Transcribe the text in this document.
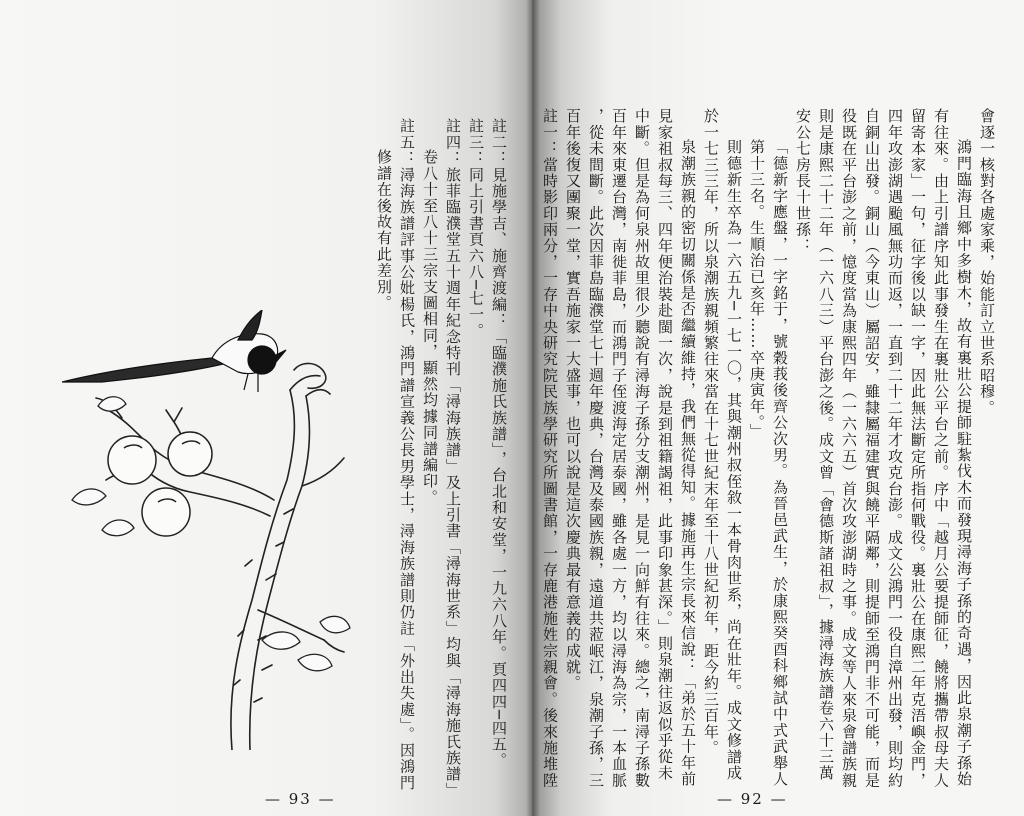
註二：見施學吉、施齊渡編：「臨濮施氏族譜」，台北和安堂，一九六八年。頁四四─四五。

註三：同上引書頁六八─七一。

註四：旅菲臨濮堂五十週年紀念特刊「潯海族譜」及上引書「潯海世系」均與「潯海施氏族譜」

卷八十至八十三宗支圖相同，顯然均據同譜編印。

註五：潯海族譜評事公妣楊氏，鴻門譜宣義公長男學士，潯海族譜則仍註「外出失處」。因鴻門

修譜在後故有此差別。

— 93 —

會逐一核對各處家乘，始能訂立世系昭穆。

鴻門臨海且鄉中多樹木，故有裏壯公提師駐紮伐木而發現潯海子孫的奇遇，因此泉潮子孫始

有往來。由上引譜序知此事發生在裏壯公平台之前。序中「越月公要提師征，饒將攜帶叔母夫人

留寄本家」一句，征字後以缺一字，因此無法斷定所指何戰役。裏壯公在康熙二年克浯嶼金門，

四年攻澎湖遇颱風無功而返，一直到二十二年才攻克台澎。成文公鴻門一役自漳州出發，則均約

自銅山出發。銅山（今東山）屬詔安，雖隸屬福建實與饒平隔鄰，則提師至鴻門非不可能，而是

役既在平台澎之前，憶度當為康熙四年（一六六五）首次攻澎湖時之事。成文等人來泉會譜族親

則是康熙二十二年（一六八三）平台澎之後。成文曾「會德斯諸祖叔」，據潯海族譜卷六十三萬

安公七房長十世孫：

「德新字應盤，一字銘于，號穀莪後齊公次男。為晉邑武生，於康熙癸酉科鄉試中式武舉人

第十三名。生順治已亥年……卒庚寅年。」

則德新生卒為一六五九─一七一〇，其與潮州叔侄敘一本骨肉世系，尚在壯年。成文修譜成

於一七三三年，所以泉潮族親頻繁往來當在十七世紀末年至十八世紀初年，距今約三百年。

泉潮族親的密切關係是否繼續維持，我們無從得知。據施再生宗長來信說：「弟於五十年前

見家祖叔每三、四年便治裝赴閩一次，說是到祖籍謁祖，此事印象甚深。」則泉潮往返似乎從未

中斷。但是為何泉州故里很少聽說有潯海子孫分支潮州，是見一向鮮有往來。總之，南潯子孫數

百年來東遷台灣，南徙菲島，而鴻門子侄渡海定居泰國，雖各處一方，均以潯海為宗，一本血脈

，從未間斷。此次因菲島臨濮堂七十週年慶典，台灣及泰國族親，遠道共蒞岷江，泉潮子孫，三

百年後復又團聚一堂，實吾施家一大盛事，也可以說是這次慶典最有意義的成就。

註一：當時影印兩分，一存中央研究院民族學研究所圖書館，一存鹿港施姓宗親會。後來施堆陞

— 92 —
